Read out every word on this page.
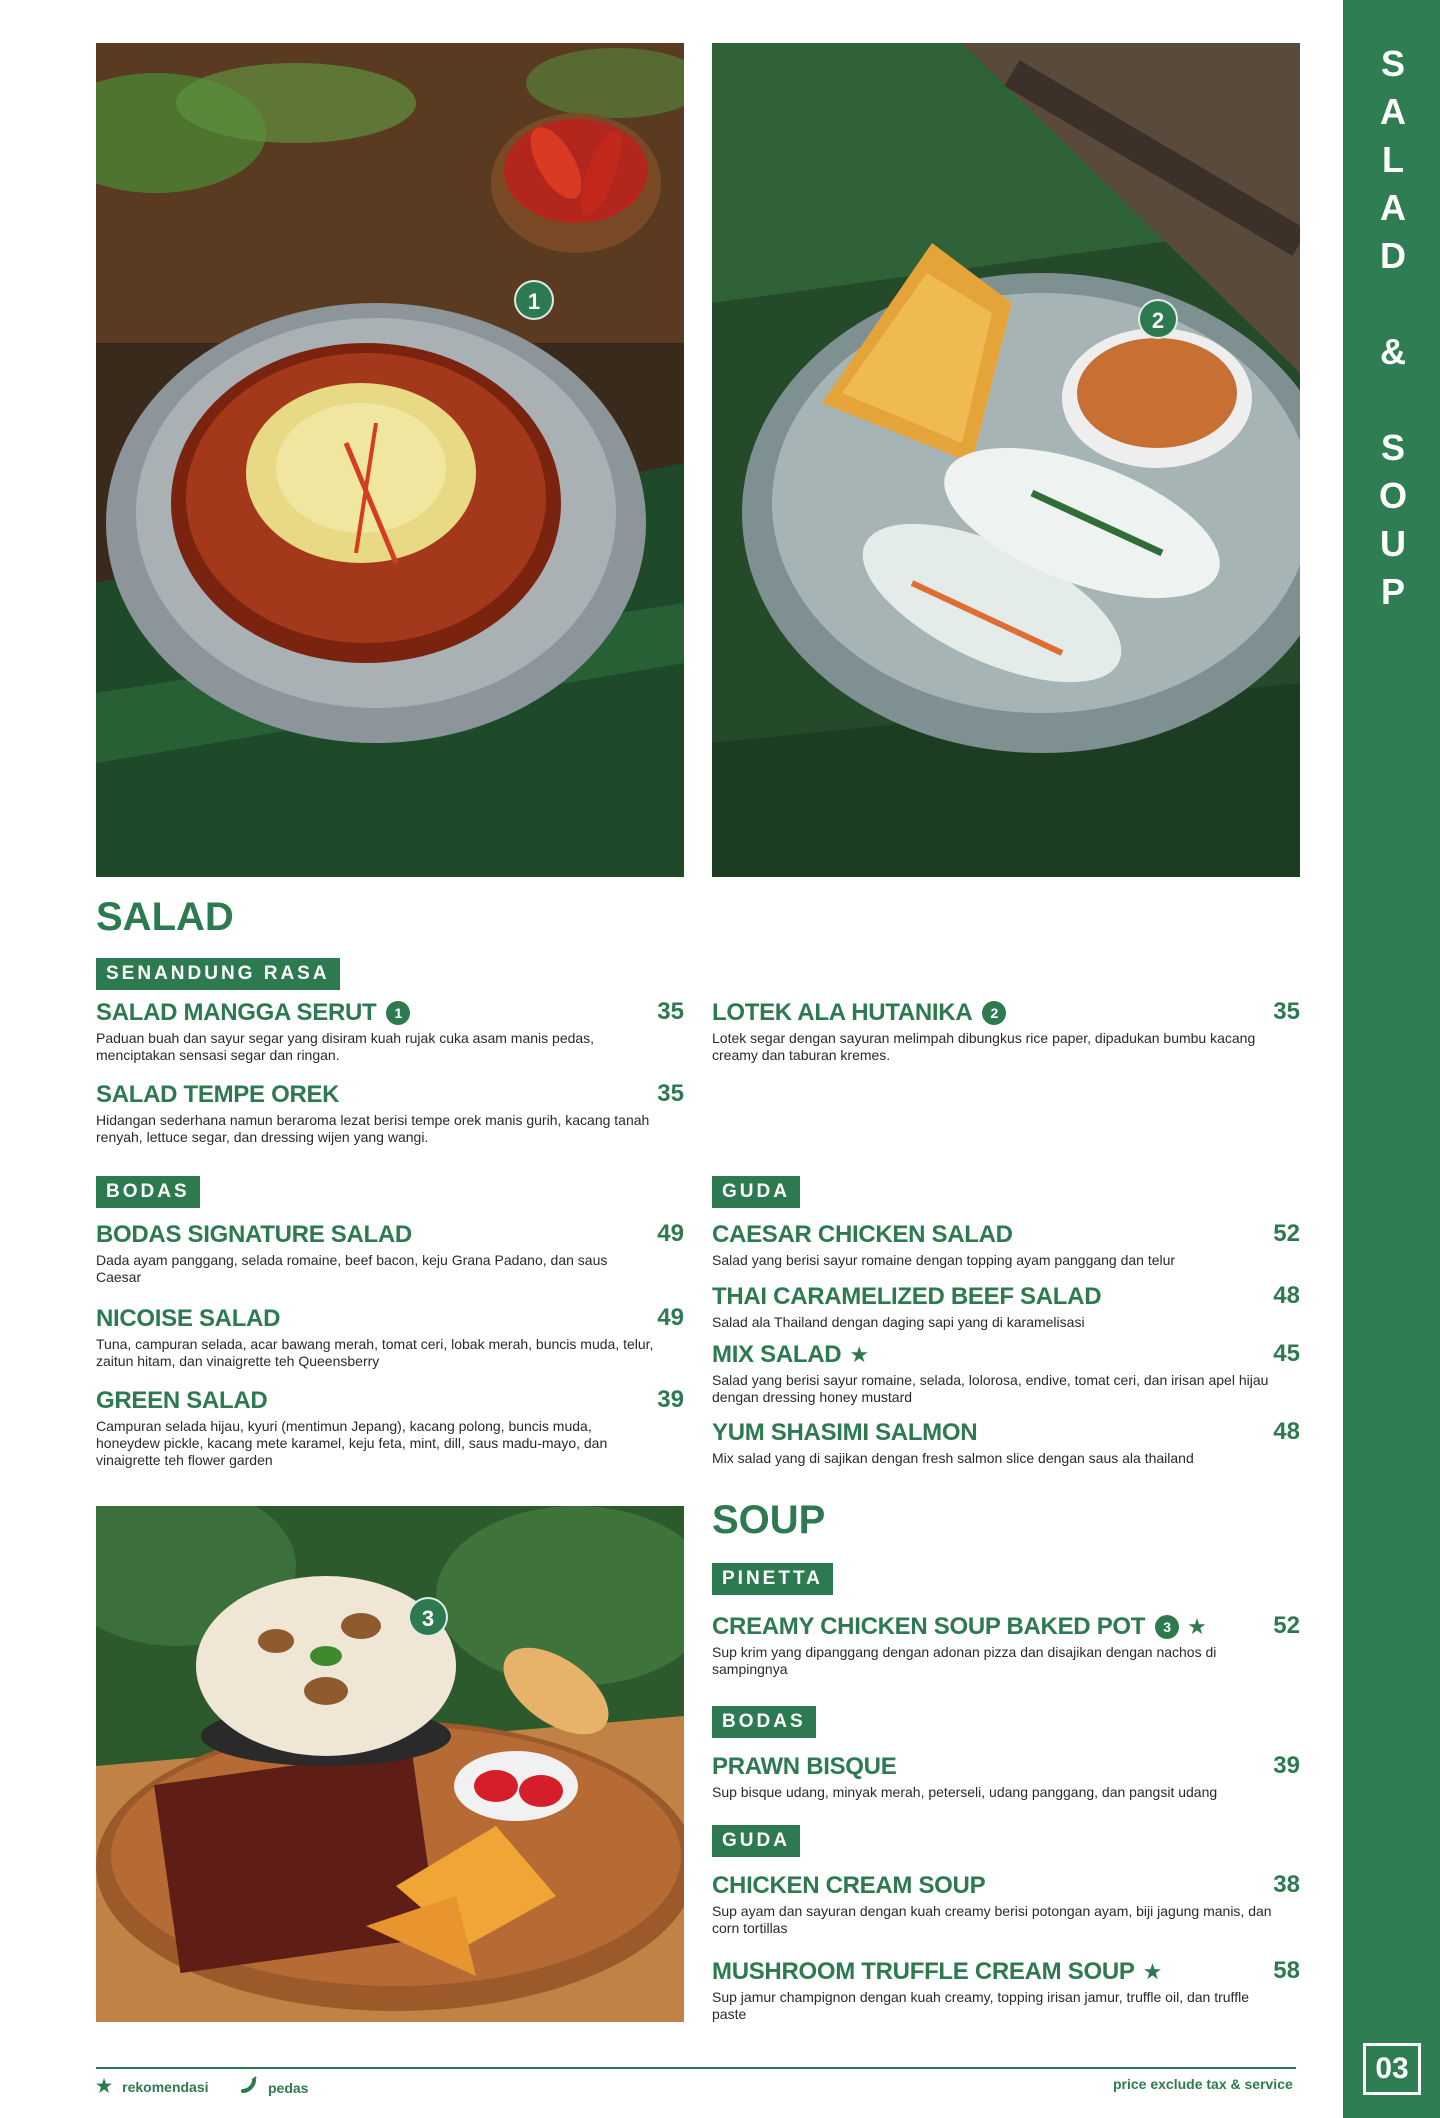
1
2
3
S
A
L
A
D
&
S
O
U
P
03
SALAD
SENANDUNG RASA
SALAD MANGGA SERUT	1	35
Paduan buah dan sayur segar yang disiram kuah rujak cuka asam manis pedas, menciptakan sensasi segar dan ringan.
SALAD TEMPE OREK	35
Hidangan sederhana namun beraroma lezat berisi tempe orek manis gurih, kacang tanah renyah, lettuce segar, dan dressing wijen yang wangi.
LOTEK ALA HUTANIKA	2	35
Lotek segar dengan sayuran melimpah dibungkus rice paper, dipadukan bumbu kacang creamy dan taburan kremes.
BODAS
BODAS SIGNATURE SALAD	49
Dada ayam panggang, selada romaine, beef bacon, keju Grana Padano, dan saus Caesar
NICOISE SALAD	49
Tuna, campuran selada, acar bawang merah, tomat ceri, lobak merah, buncis muda, telur, zaitun hitam, dan vinaigrette teh Queensberry
GREEN SALAD	39
Campuran selada hijau, kyuri (mentimun Jepang), kacang polong, buncis muda, honeydew pickle, kacang mete karamel, keju feta, mint, dill, saus madu-mayo, dan vinaigrette teh flower garden
GUDA
CAESAR CHICKEN SALAD	52
Salad yang berisi sayur romaine dengan topping ayam panggang dan telur
THAI CARAMELIZED BEEF SALAD	48
Salad ala Thailand dengan daging sapi yang di karamelisasi
MIX SALAD ★	45
Salad yang berisi sayur romaine, selada, lolorosa, endive, tomat ceri, dan irisan apel hijau dengan dressing honey mustard
YUM SHASIMI SALMON	48
Mix salad yang di sajikan dengan fresh salmon slice dengan saus ala thailand
SOUP
PINETTA
CREAMY CHICKEN SOUP BAKED POT	3 ★	52
Sup krim yang dipanggang dengan adonan pizza dan disajikan dengan nachos di sampingnya
BODAS
PRAWN BISQUE	39
Sup bisque udang, minyak merah, peterseli, udang panggang, dan pangsit udang
GUDA
CHICKEN CREAM SOUP	38
Sup ayam dan sayuran dengan kuah creamy berisi potongan ayam, biji jagung manis, dan corn tortillas
MUSHROOM TRUFFLE CREAM SOUP ★	58
Sup jamur champignon dengan kuah creamy, topping irisan jamur, truffle oil, dan truffle paste
★ rekomendasi	pedas	price exclude tax & service
